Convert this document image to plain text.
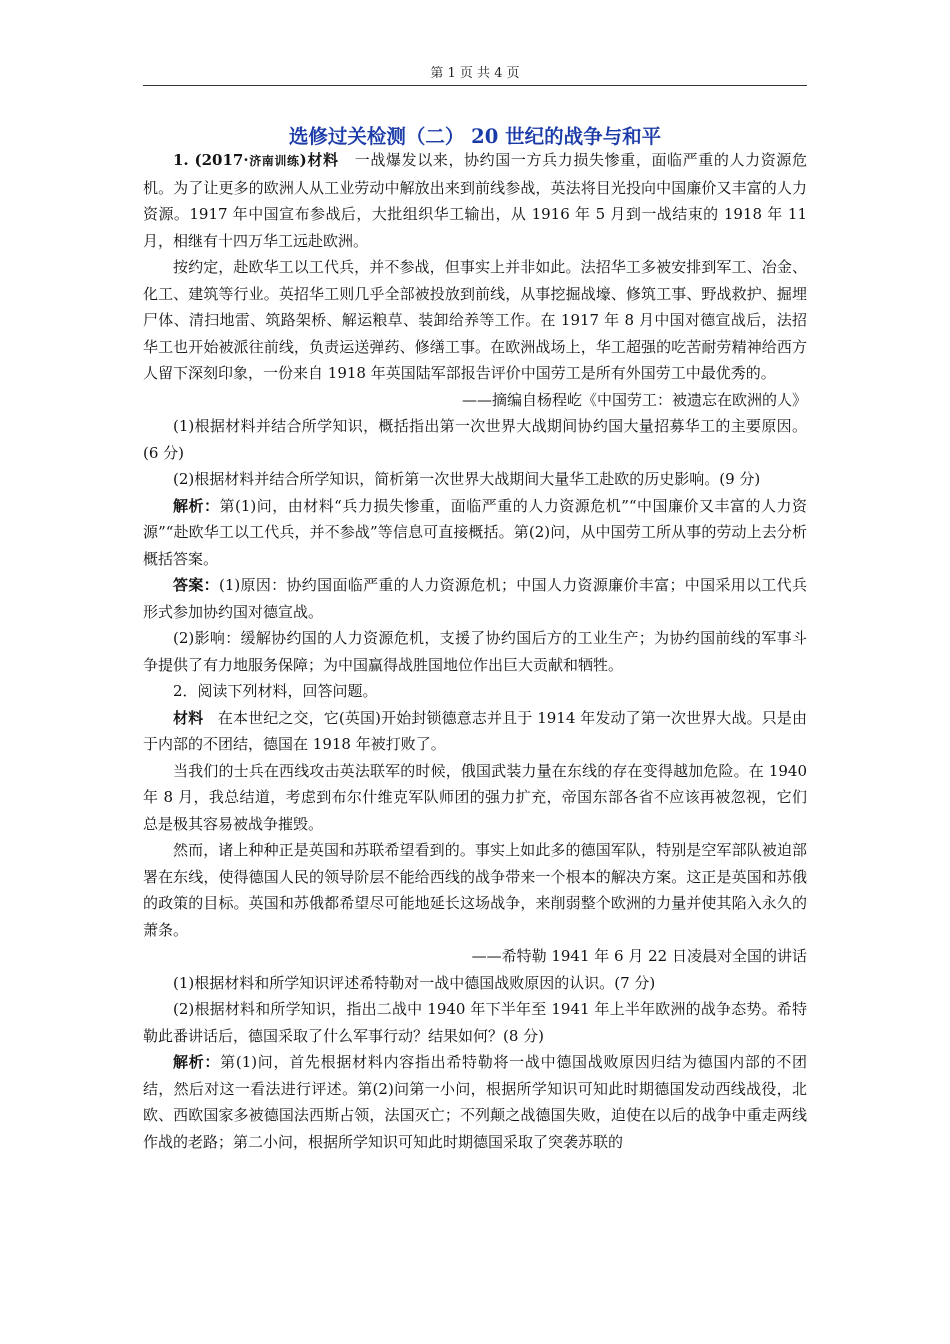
第 1 页 共 4 页
选修过关检测（二） 20 世纪的战争与和平

1. (2017·济南训练)材料 一战爆发以来，协约国一方兵力损失惨重，面临严重的人力资源危机。为了让更多的欧洲人从工业劳动中解放出来到前线参战，英法将目光投向中国廉价又丰富的人力资源。1917 年中国宣布参战后，大批组织华工输出，从 1916 年 5 月到一战结束的 1918 年 11 月，相继有十四万华工远赴欧洲。

按约定，赴欧华工以工代兵，并不参战，但事实上并非如此。法招华工多被安排到军工、冶金、化工、建筑等行业。英招华工则几乎全部被投放到前线，从事挖掘战壕、修筑工事、野战救护、掘埋尸体、清扫地雷、筑路架桥、解运粮草、装卸给养等工作。在 1917 年 8 月中国对德宣战后，法招华工也开始被派往前线，负责运送弹药、修缮工事。在欧洲战场上，华工超强的吃苦耐劳精神给西方人留下深刻印象，一份来自 1918 年英国陆军部报告评价中国劳工是所有外国劳工中最优秀的。

——摘编自杨程屹《中国劳工：被遗忘在欧洲的人》

(1)根据材料并结合所学知识，概括指出第一次世界大战期间协约国大量招募华工的主要原因。(6 分)

(2)根据材料并结合所学知识，简析第一次世界大战期间大量华工赴欧的历史影响。(9 分)

解析：第(1)问，由材料“兵力损失惨重，面临严重的人力资源危机”“中国廉价又丰富的人力资源”“赴欧华工以工代兵，并不参战”等信息可直接概括。第(2)问，从中国劳工所从事的劳动上去分析概括答案。

答案：(1)原因：协约国面临严重的人力资源危机；中国人力资源廉价丰富；中国采用以工代兵形式参加协约国对德宣战。

(2)影响：缓解协约国的人力资源危机，支援了协约国后方的工业生产；为协约国前线的军事斗争提供了有力地服务保障；为中国赢得战胜国地位作出巨大贡献和牺牲。

2．阅读下列材料，回答问题。

材料 在本世纪之交，它(英国)开始封锁德意志并且于 1914 年发动了第一次世界大战。只是由于内部的不团结，德国在 1918 年被打败了。

当我们的士兵在西线攻击英法联军的时候，俄国武装力量在东线的存在变得越加危险。在 1940 年 8 月，我总结道，考虑到布尔什维克军队师团的强力扩充，帝国东部各省不应该再被忽视，它们总是极其容易被战争摧毁。

然而，诸上种种正是英国和苏联希望看到的。事实上如此多的德国军队，特别是空军部队被迫部署在东线，使得德国人民的领导阶层不能给西线的战争带来一个根本的解决方案。这正是英国和苏俄的政策的目标。英国和苏俄都希望尽可能地延长这场战争，来削弱整个欧洲的力量并使其陷入永久的萧条。

——希特勒 1941 年 6 月 22 日凌晨对全国的讲话

(1)根据材料和所学知识评述希特勒对一战中德国战败原因的认识。(7 分)

(2)根据材料和所学知识，指出二战中 1940 年下半年至 1941 年上半年欧洲的战争态势。希特勒此番讲话后，德国采取了什么军事行动？结果如何？(8 分)

解析：第(1)问，首先根据材料内容指出希特勒将一战中德国战败原因归结为德国内部的不团结，然后对这一看法进行评述。第(2)问第一小问，根据所学知识可知此时期德国发动西线战役，北欧、西欧国家多被德国法西斯占领，法国灭亡；不列颠之战德国失败，迫使在以后的战争中重走两线作战的老路；第二小问，根据所学知识可知此时期德国采取了突袭苏联的
